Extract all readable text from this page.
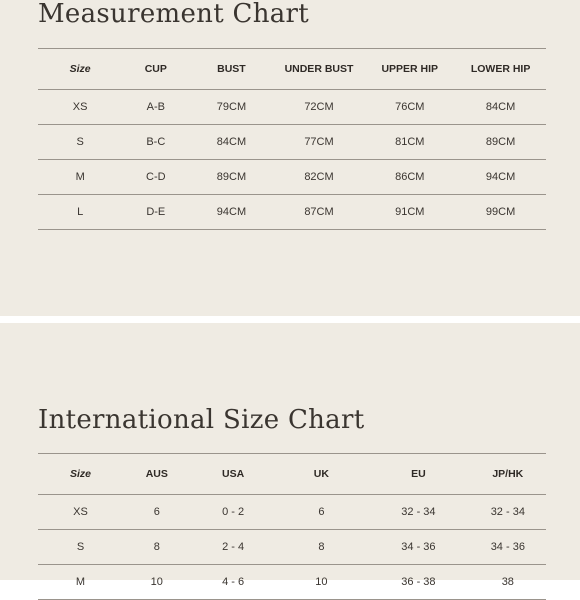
Measurement Chart
Size	CUP	BUST	UNDER BUST	UPPER HIP	LOWER HIP
XS	A-B	79CM	72CM	76CM	84CM
S	B-C	84CM	77CM	81CM	89CM
M	C-D	89CM	82CM	86CM	94CM
L	D-E	94CM	87CM	91CM	99CM
International Size Chart
Size	AUS	USA	UK	EU	JP/HK
XS	6	0 - 2	6	32 - 34	32 - 34
S	8	2 - 4	8	34 - 36	34 - 36
M	10	4 - 6	10	36 - 38	38
